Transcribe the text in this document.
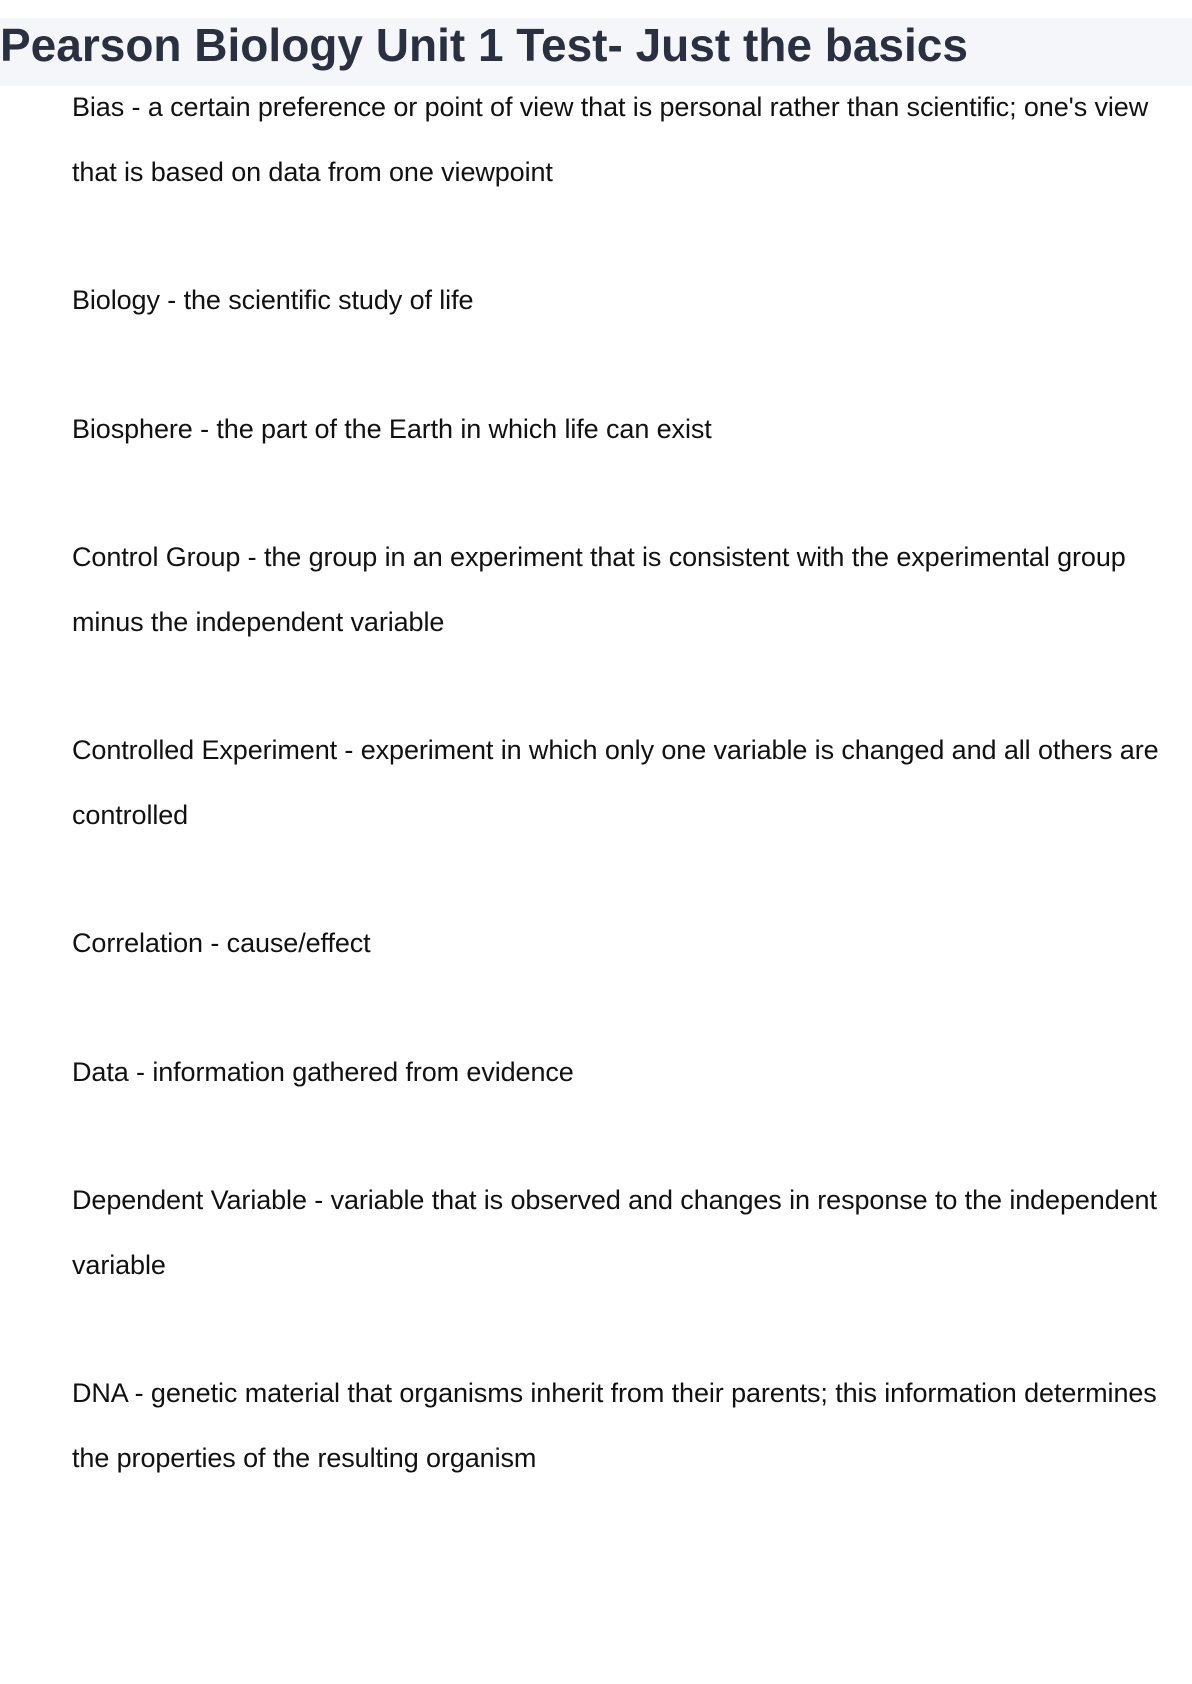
Pearson Biology Unit 1 Test- Just the basics
Bias - a certain preference or point of view that is personal rather than scientific; one's view that is based on data from one viewpoint
Biology - the scientific study of life
Biosphere - the part of the Earth in which life can exist
Control Group - the group in an experiment that is consistent with the experimental group minus the independent variable
Controlled Experiment - experiment in which only one variable is changed and all others are controlled
Correlation - cause/effect
Data - information gathered from evidence
Dependent Variable - variable that is observed and changes in response to the independent variable
DNA - genetic material that organisms inherit from their parents; this information determines the properties of the resulting organism
